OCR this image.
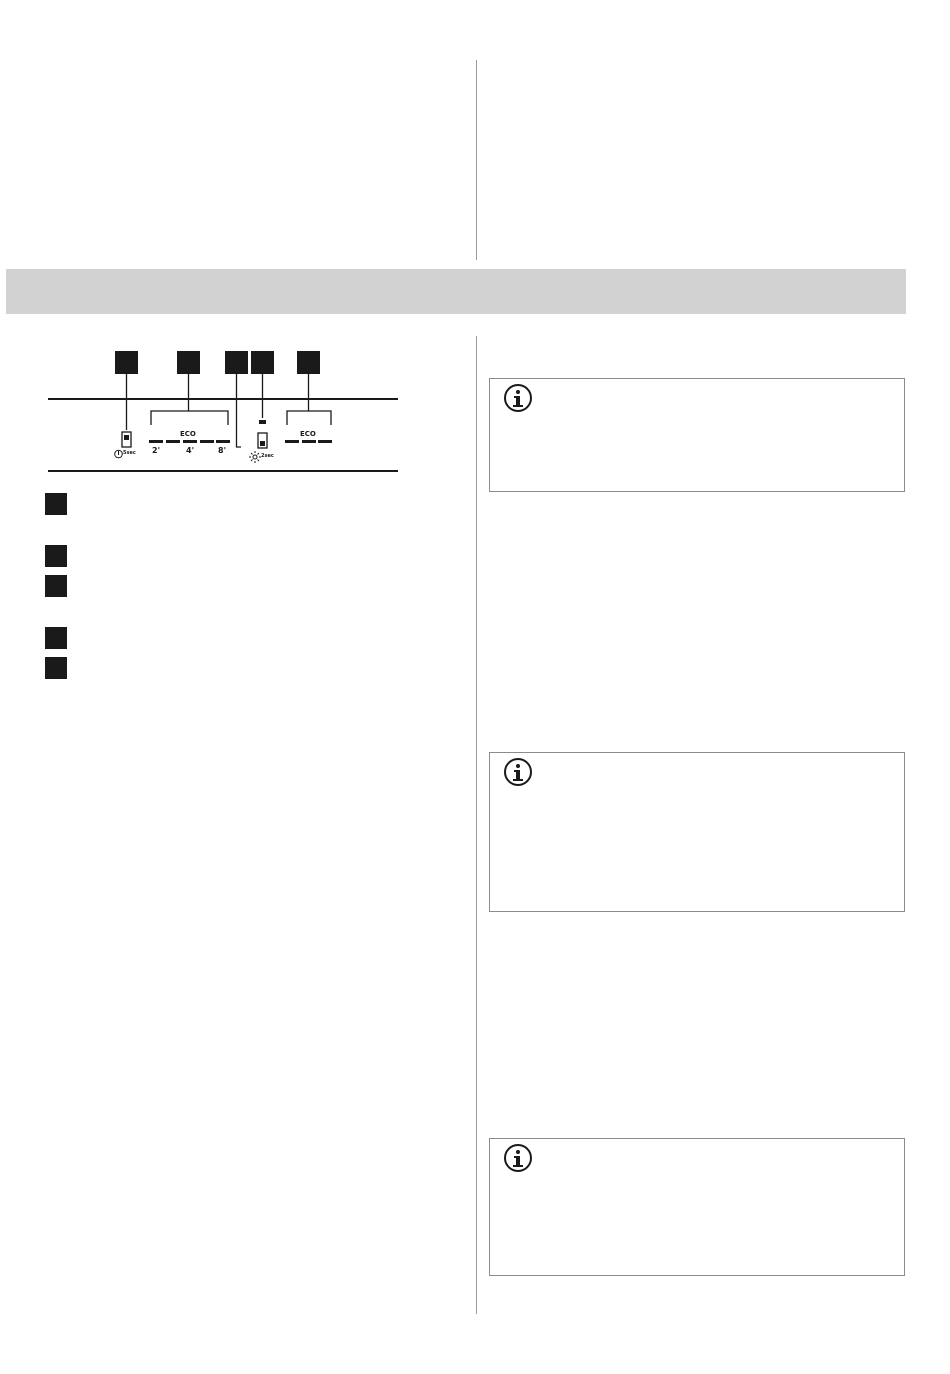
ECO
2'	4'	8'
ECO
5sec	2sec
